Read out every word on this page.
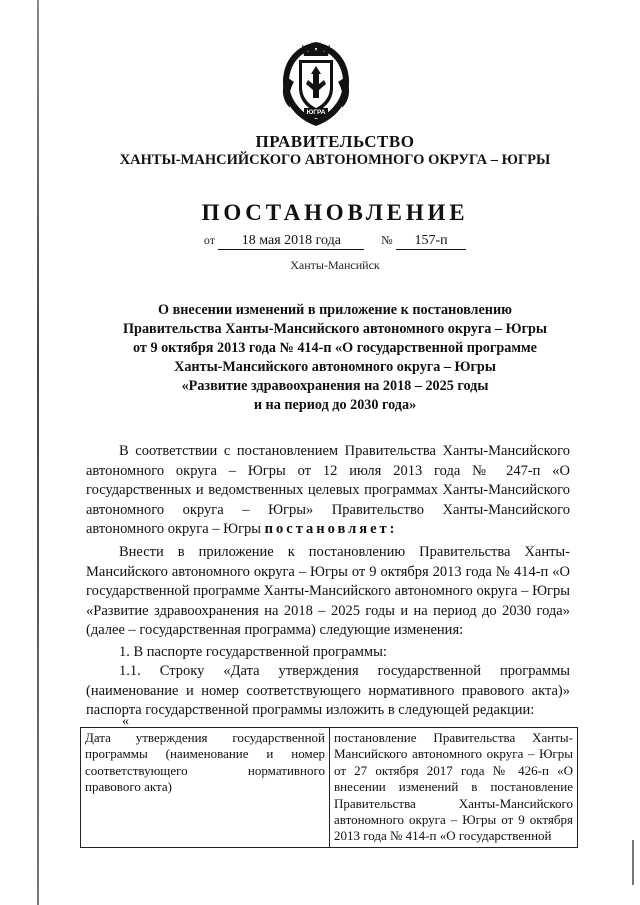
ЮГРА
ПРАВИТЕЛЬСТВО
ХАНТЫ-МАНСИЙСКОГО АВТОНОМНОГО ОКРУГА – ЮГРЫ
ПОСТАНОВЛЕНИЕ
от 18 мая 2018 года	№ 157-п
Ханты-Мансийск
О внесении изменений в приложение к постановлению
Правительства Ханты-Мансийского автономного округа – Югры
от 9 октября 2013 года № 414-п «О государственной программе
Ханты-Мансийского автономного округа – Югры
«Развитие здравоохранения на 2018 – 2025 годы
и на период до 2030 года»
В соответствии с постановлением Правительства Ханты-Мансийского автономного округа – Югры от 12 июля 2013 года № 247-п «О государственных и ведомственных целевых программах Ханты-Мансийского автономного округа – Югры» Правительство Ханты-Мансийского автономного округа – Югры постановляет:
Внести в приложение к постановлению Правительства Ханты-Мансийского автономного округа – Югры от 9 октября 2013 года № 414-п «О государственной программе Ханты-Мансийского автономного округа – Югры «Развитие здравоохранения на 2018 – 2025 годы и на период до 2030 года» (далее – государственная программа) следующие изменения:
1. В паспорте государственной программы:
1.1. Строку «Дата утверждения государственной программы (наименование и номер соответствующего нормативного правового акта)» паспорта государственной программы изложить в следующей редакции:
«
Дата утверждения государственной программы (наименование и номер соответствующего нормативного правового акта)	постановление Правительства Ханты-Мансийского автономного округа – Югры от 27 октября 2017 года № 426-п «О внесении изменений в постановление Правительства Ханты-Мансийского автономного округа – Югры от 9 октября 2013 года № 414-п «О государственной
